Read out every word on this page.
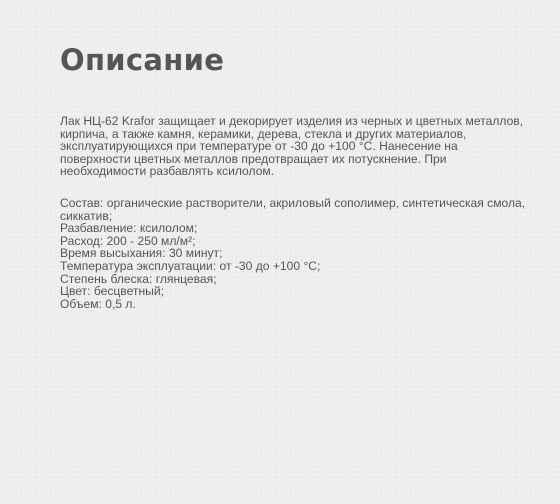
Описание

Лак НЦ-62 Krafor защищает и декорирует изделия из черных и цветных металлов, кирпича, а также камня, керамики, дерева, стекла и других материалов, эксплуатирующихся при температуре от -30 до +100 °С. Нанесение на поверхности цветных металлов предотвращает их потускнение. При необходимости разбавлять ксилолом.

Состав: органические растворители, акриловый сополимер, синтетическая смола, сиккатив;
Разбавление: ксилолом;
Расход: 200 - 250 мл/м²;
Время высыхания: 30 минут;
Температура эксплуатации: от -30 до +100 °С;
Степень блеска: глянцевая;
Цвет: бесцветный;
Объем: 0,5 л.
